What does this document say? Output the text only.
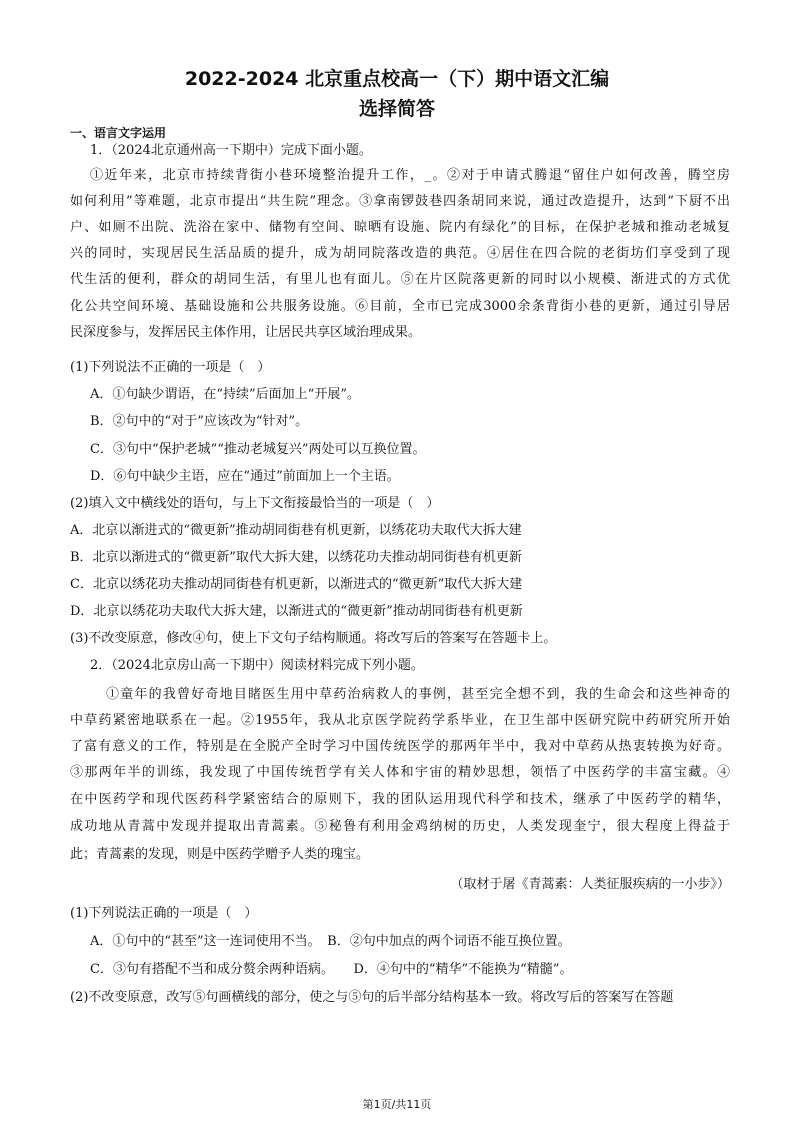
2022-2024 北京重点校高一（下）期中语文汇编
选择简答
一、语言文字运用
1．（2024北京通州高一下期中）完成下面小题。
①近年来，北京市持续背街小巷环境整治提升工作，_。②对于申请式腾退“留住户如何改善，腾空房
如何利用”等难题，北京市提出“共生院”理念。③拿南锣鼓巷四条胡同来说，通过改造提升，达到“下厨不出
户、如厕不出院、洗浴在家中、储物有空间、晾晒有设施、院内有绿化”的目标，在保护老城和推动老城复
兴的同时，实现居民生活品质的提升，成为胡同院落改造的典范。④居住在四合院的老街坊们享受到了现
代生活的便利，群众的胡同生活，有里儿也有面儿。⑤在片区院落更新的同时以小规模、渐进式的方式优
化公共空间环境、基础设施和公共服务设施。⑥目前，全市已完成3000余条背街小巷的更新，通过引导居
民深度参与，发挥居民主体作用，让居民共享区域治理成果。
(1)下列说法不正确的一项是（　）
A．①句缺少谓语，在“持续”后面加上“开展”。
B．②句中的“对于”应该改为“针对”。
C．③句中“保护老城”“推动老城复兴”两处可以互换位置。
D．⑥句中缺少主语，应在“通过”前面加上一个主语。
(2)填入文中横线处的语句，与上下文衔接最恰当的一项是（　）
A．北京以渐进式的“微更新”推动胡同街巷有机更新，以绣花功夫取代大拆大建
B．北京以渐进式的“微更新”取代大拆大建，以绣花功夫推动胡同街巷有机更新
C．北京以绣花功夫推动胡同街巷有机更新，以渐进式的“微更新”取代大拆大建
D．北京以绣花功夫取代大拆大建，以渐进式的“微更新”推动胡同街巷有机更新
(3)不改变原意，修改④句，使上下文句子结构顺通。将改写后的答案写在答题卡上。
2．（2024北京房山高一下期中）阅读材料完成下列小题。
①童年的我曾好奇地目睹医生用中草药治病救人的事例，甚至完全想不到，我的生命会和这些神奇的
中草药紧密地联系在一起。②1955年，我从北京医学院药学系毕业，在卫生部中医研究院中药研究所开始
了富有意义的工作，特别是在全脱产全时学习中国传统医学的那两年半中，我对中草药从热衷转换为好奇。
③那两年半的训练，我发现了中国传统哲学有关人体和宇宙的精妙思想，领悟了中医药学的丰富宝藏。④
在中医药学和现代医药科学紧密结合的原则下，我的团队运用现代科学和技术，继承了中医药学的精华，
成功地从青蒿中发现并提取出青蒿素。⑤秘鲁有利用金鸡纳树的历史，人类发现奎宁，很大程度上得益于
此；青蒿素的发现，则是中医药学赠予人类的瑰宝。
（取材于屠《青蒿素：人类征服疾病的一小步》）
(1)下列说法正确的一项是（　）
A．①句中的“甚至”这一连词使用不当。　B．②句中加点的两个词语不能互换位置。
C．③句有搭配不当和成分赘余两种语病。　　D．④句中的“精华”不能换为“精髓”。
(2)不改变原意，改写⑤句画横线的部分，使之与⑤句的后半部分结构基本一致。将改写后的答案写在答题
第1页/共11页
